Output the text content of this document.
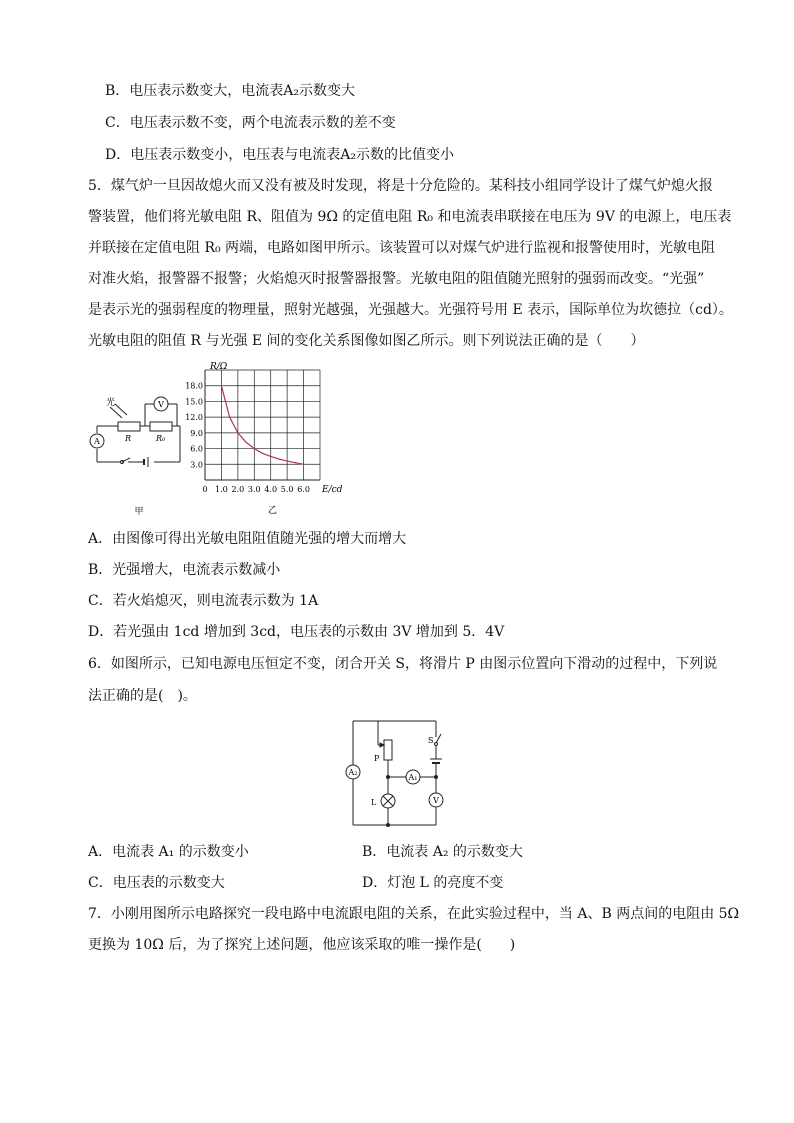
B．电压表示数变大，电流表A₂示数变大
C．电压表示数不变，两个电流表示数的差不变
D．电压表示数变小，电压表与电流表A₂示数的比值变小
5．煤气炉一旦因故熄火而又没有被及时发现，将是十分危险的。某科技小组同学设计了煤气炉熄火报
警装置，他们将光敏电阻 R、阻值为 9Ω 的定值电阻 R₀ 和电流表串联接在电压为 9V 的电源上，电压表
并联接在定值电阻 R₀ 两端，电路如图甲所示。该装置可以对煤气炉进行监视和报警使用时，光敏电阻
对准火焰，报警器不报警；火焰熄灭时报警器报警。光敏电阻的阻值随光照射的强弱而改变。“光强”
是表示光的强弱程度的物理量，照射光越强，光强越大。光强符号用 E 表示，国际单位为坎德拉（cd）。
光敏电阻的阻值 R 与光强 E 间的变化关系图像如图乙所示。则下列说法正确的是（　　）
光
R	R₀
V
A
甲
0 1.0 2.0 3.0 4.0 5.0 6.0
3.0
6.0
9.0
12.0
15.0
18.0
R/Ω
E/cd
乙
A．由图像可得出光敏电阻阻值随光强的增大而增大
B．光强增大，电流表示数减小
C．若火焰熄灭，则电流表示数为 1A
D．若光强由 1cd 增加到 3cd，电压表的示数由 3V 增加到 5．4V
6．如图所示，已知电源电压恒定不变，闭合开关 S，将滑片 P 由图示位置向下滑动的过程中，下列说
法正确的是(　)。
A₂
A₁
V
P
S
L
A．电流表 A₁ 的示数变小	B．电流表 A₂ 的示数变大
C．电压表的示数变大	D．灯泡 L 的亮度不变
7．小刚用图所示电路探究一段电路中电流跟电阻的关系，在此实验过程中，当 A、B 两点间的电阻由 5Ω
更换为 10Ω 后，为了探究上述问题，他应该采取的唯一操作是(　　)
